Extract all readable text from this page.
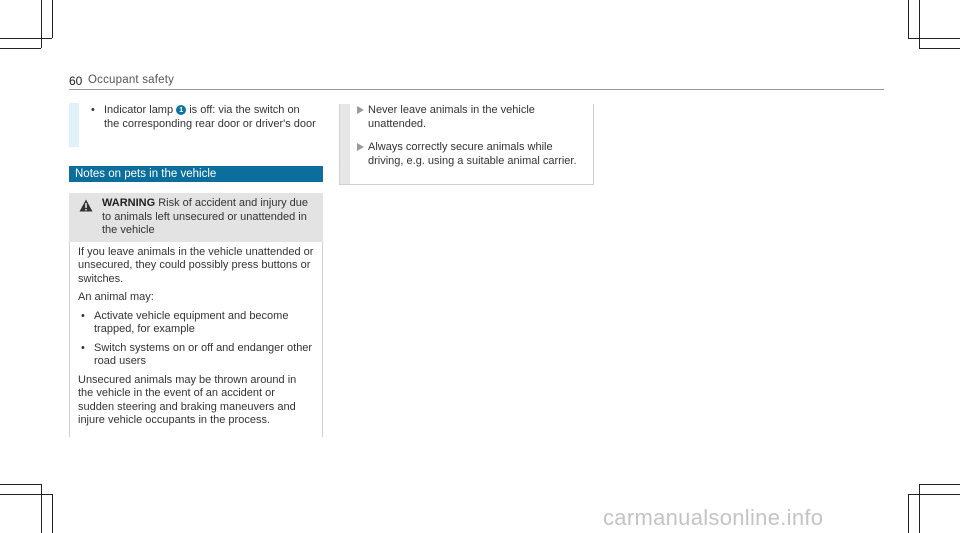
60 Occupant safety
• Indicator lamp 1 is off: via the switch on the corresponding rear door or driver's door
Notes on pets in the vehicle
WARNING Risk of accident and injury due to animals left unsecured or unattended in the vehicle

If you leave animals in the vehicle unattended or unsecured, they could possibly press buttons or switches.

An animal may:

• Activate vehicle equipment and become trapped, for example
• Switch systems on or off and endanger other road users

Unsecured animals may be thrown around in the vehicle in the event of an accident or sudden steering and braking maneuvers and injure vehicle occupants in the process.

Never leave animals in the vehicle unattended.
Always correctly secure animals while driving, e.g. using a suitable animal carrier.
carmanualsonline.info
